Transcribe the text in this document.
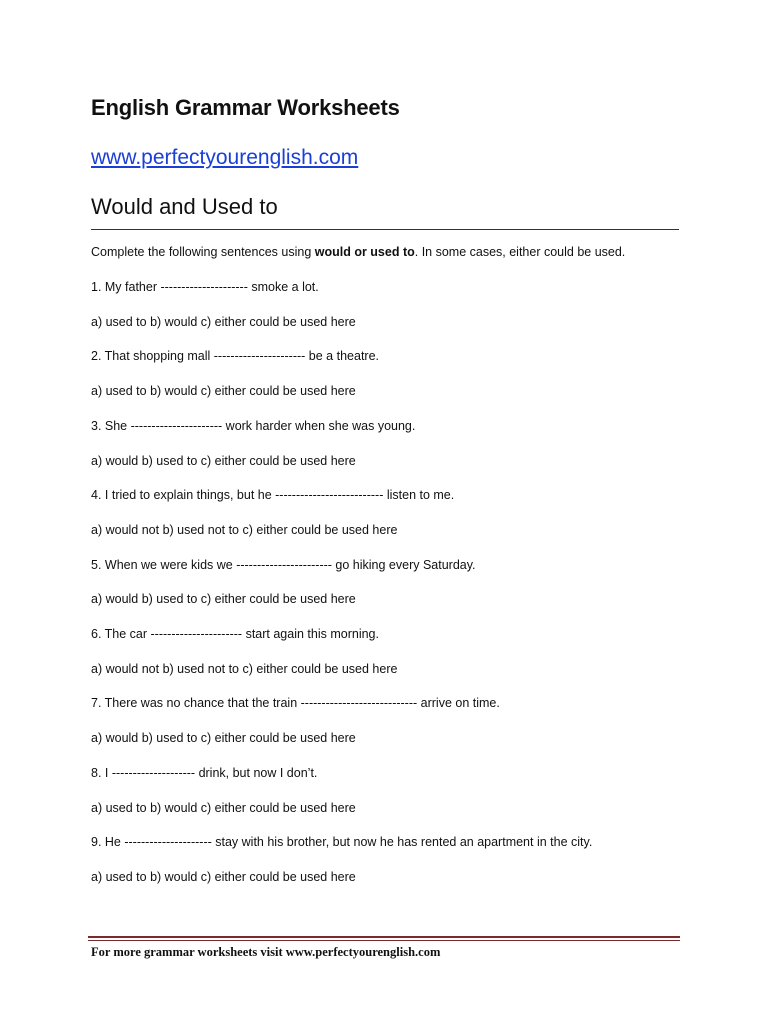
English Grammar Worksheets
www.perfectyourenglish.com
Would and Used to
Complete the following sentences using would or used to. In some cases, either could be used.
1. My father --------------------- smoke a lot.
a) used to b) would c) either could be used here
2. That shopping mall ---------------------- be a theatre.
a) used to b) would c) either could be used here
3. She ---------------------- work harder when she was young.
a) would b) used to c) either could be used here
4. I tried to explain things, but he -------------------------- listen to me.
a) would not b) used not to c) either could be used here
5. When we were kids we ----------------------- go hiking every Saturday.
a) would b) used to c) either could be used here
6. The car ---------------------- start again this morning.
a) would not b) used not to c) either could be used here
7. There was no chance that the train ---------------------------- arrive on time.
a) would b) used to c) either could be used here
8. I -------------------- drink, but now I don’t.
a) used to b) would c) either could be used here
9. He --------------------- stay with his brother, but now he has rented an apartment in the city.
a) used to b) would c) either could be used here
For more grammar worksheets visit www.perfectyourenglish.com
